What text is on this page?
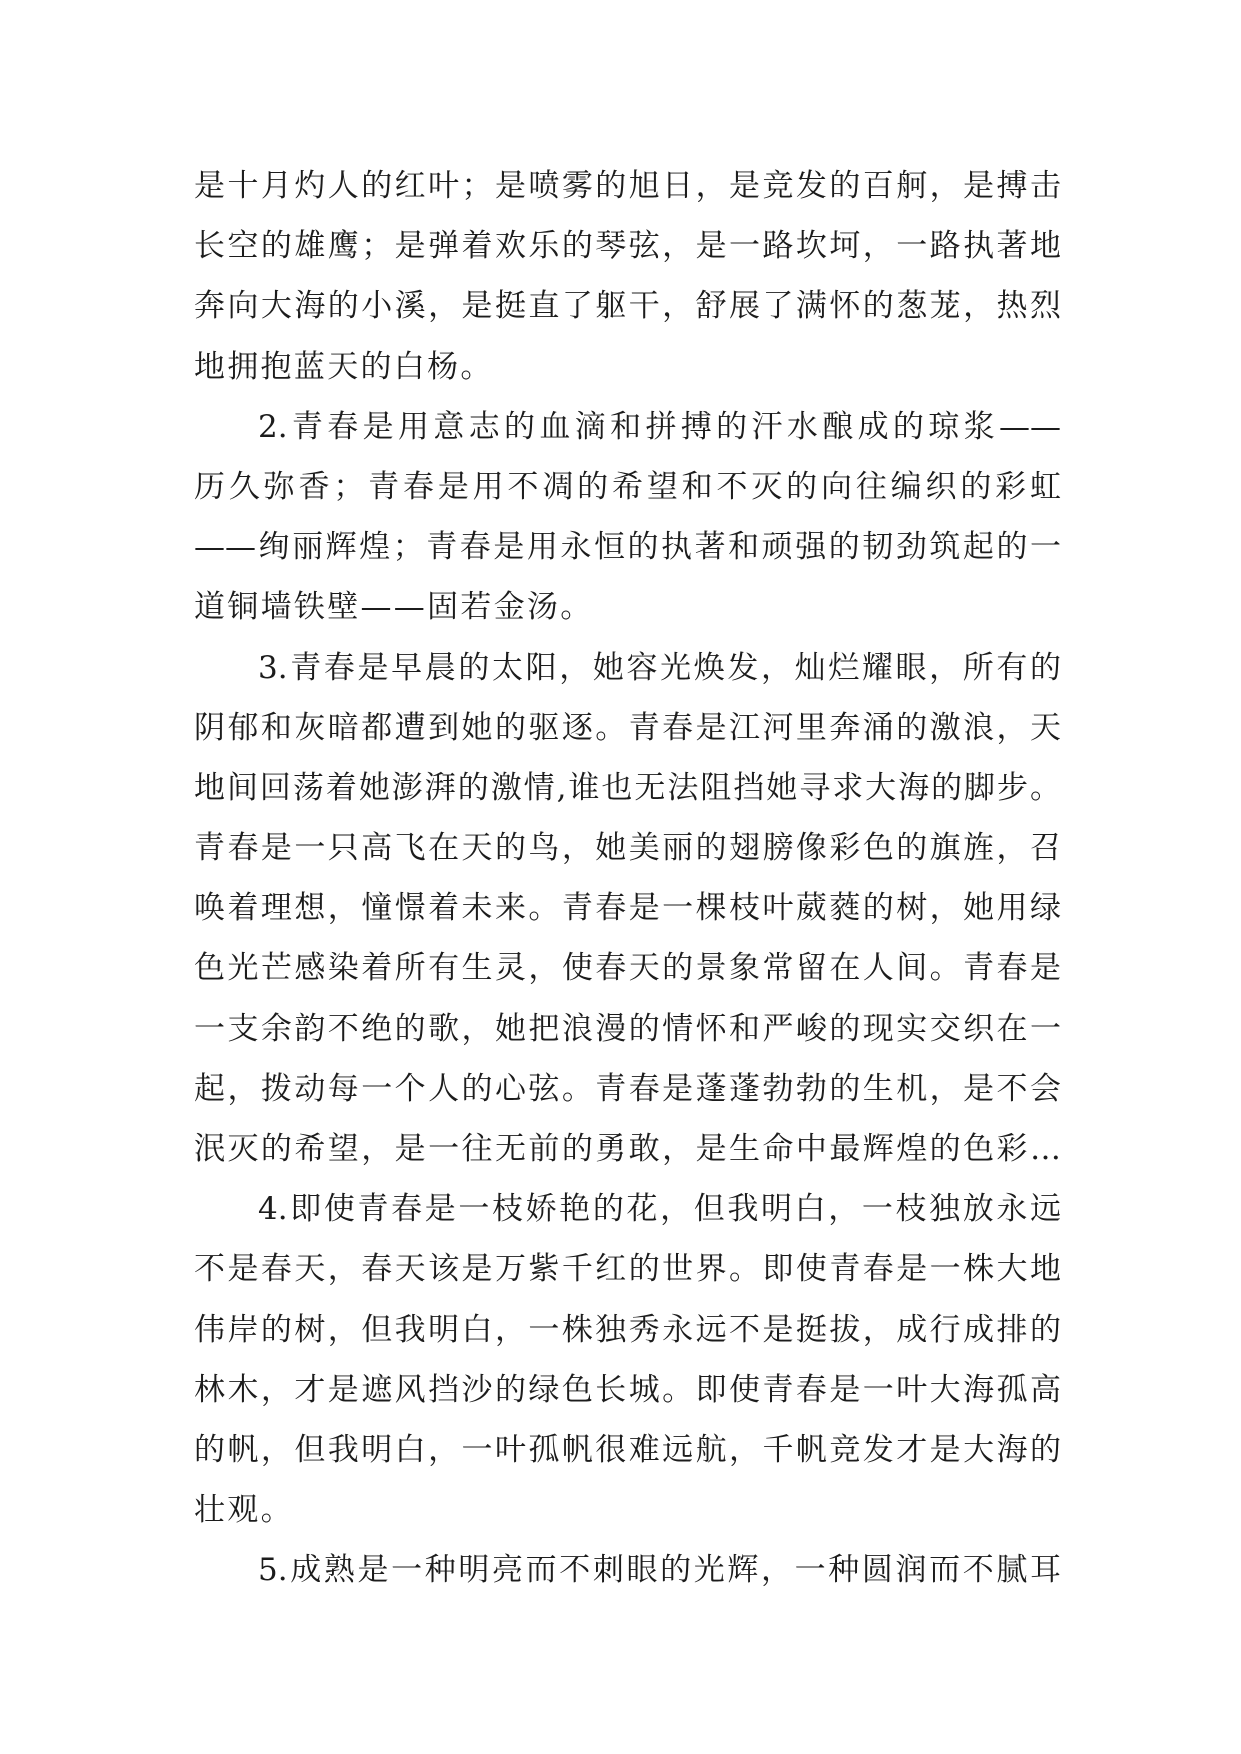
是十月灼人的红叶；是喷雾的旭日，是竞发的百舸，是搏击
长空的雄鹰；是弹着欢乐的琴弦，是一路坎坷，一路执著地
奔向大海的小溪，是挺直了躯干，舒展了满怀的葱茏，热烈
地拥抱蓝天的白杨。
2.青春是用意志的血滴和拼搏的汗水酿成的琼浆——
历久弥香；青春是用不凋的希望和不灭的向往编织的彩虹
——绚丽辉煌；青春是用永恒的执著和顽强的韧劲筑起的一
道铜墙铁壁——固若金汤。
3.青春是早晨的太阳，她容光焕发，灿烂耀眼，所有的
阴郁和灰暗都遭到她的驱逐。青春是江河里奔涌的激浪，天
地间回荡着她澎湃的激情,谁也无法阻挡她寻求大海的脚步。
青春是一只高飞在天的鸟，她美丽的翅膀像彩色的旗旌，召
唤着理想，憧憬着未来。青春是一棵枝叶葳蕤的树，她用绿
色光芒感染着所有生灵，使春天的景象常留在人间。青春是
一支余韵不绝的歌，她把浪漫的情怀和严峻的现实交织在一
起，拨动每一个人的心弦。青春是蓬蓬勃勃的生机，是不会
泯灭的希望，是一往无前的勇敢，是生命中最辉煌的色彩…
4.即使青春是一枝娇艳的花，但我明白，一枝独放永远
不是春天，春天该是万紫千红的世界。即使青春是一株大地
伟岸的树，但我明白，一株独秀永远不是挺拔，成行成排的
林木，才是遮风挡沙的绿色长城。即使青春是一叶大海孤高
的帆，但我明白，一叶孤帆很难远航，千帆竞发才是大海的
壮观。
5.成熟是一种明亮而不刺眼的光辉，一种圆润而不腻耳
